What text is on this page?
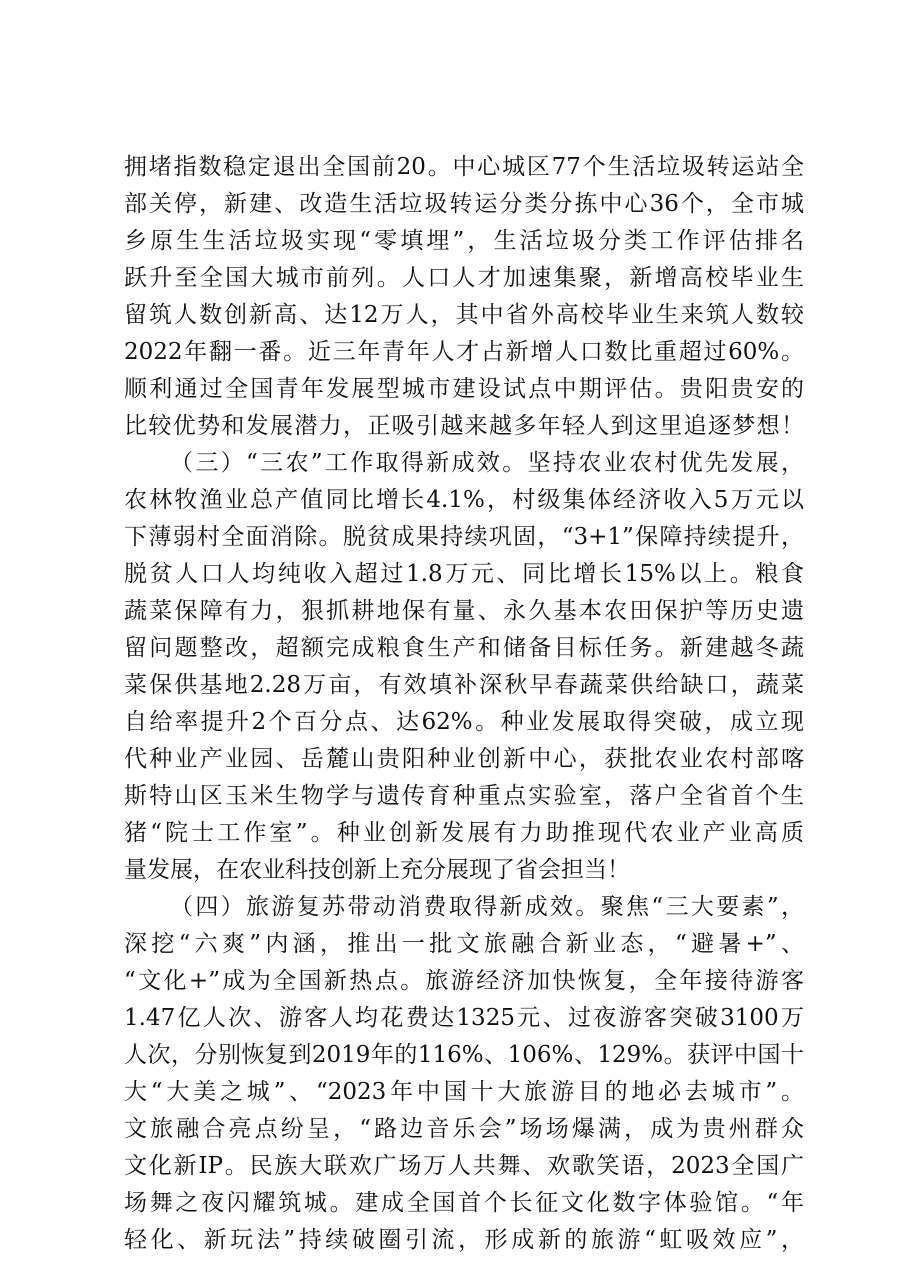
拥堵指数稳定退出全国前20。中心城区77个生活垃圾转运站全
部关停，新建、改造生活垃圾转运分类分拣中心36个，全市城
乡原生生活垃圾实现“零填埋”，生活垃圾分类工作评估排名
跃升至全国大城市前列。人口人才加速集聚，新增高校毕业生
留筑人数创新高、达12万人，其中省外高校毕业生来筑人数较
2022年翻一番。近三年青年人才占新增人口数比重超过60%。
顺利通过全国青年发展型城市建设试点中期评估。贵阳贵安的
比较优势和发展潜力，正吸引越来越多年轻人到这里追逐梦想！
（三）“三农”工作取得新成效。坚持农业农村优先发展，
农林牧渔业总产值同比增长4.1%，村级集体经济收入5万元以
下薄弱村全面消除。脱贫成果持续巩固，“3+1”保障持续提升，
脱贫人口人均纯收入超过1.8万元、同比增长15%以上。粮食
蔬菜保障有力，狠抓耕地保有量、永久基本农田保护等历史遗
留问题整改，超额完成粮食生产和储备目标任务。新建越冬蔬
菜保供基地2.28万亩，有效填补深秋早春蔬菜供给缺口，蔬菜
自给率提升2个百分点、达62%。种业发展取得突破，成立现
代种业产业园、岳麓山贵阳种业创新中心，获批农业农村部喀
斯特山区玉米生物学与遗传育种重点实验室，落户全省首个生
猪“院士工作室”。种业创新发展有力助推现代农业产业高质
量发展，在农业科技创新上充分展现了省会担当！
（四）旅游复苏带动消费取得新成效。聚焦“三大要素”，
深挖“六爽”内涵，推出一批文旅融合新业态，“避暑+”、
“文化+”成为全国新热点。旅游经济加快恢复，全年接待游客
1.47亿人次、游客人均花费达1325元、过夜游客突破3100万
人次，分别恢复到2019年的116%、106%、129%。获评中国十
大“大美之城”、“2023年中国十大旅游目的地必去城市”。
文旅融合亮点纷呈，“路边音乐会”场场爆满，成为贵州群众
文化新IP。民族大联欢广场万人共舞、欢歌笑语，2023全国广
场舞之夜闪耀筑城。建成全国首个长征文化数字体验馆。“年
轻化、新玩法”持续破圈引流，形成新的旅游“虹吸效应”，
